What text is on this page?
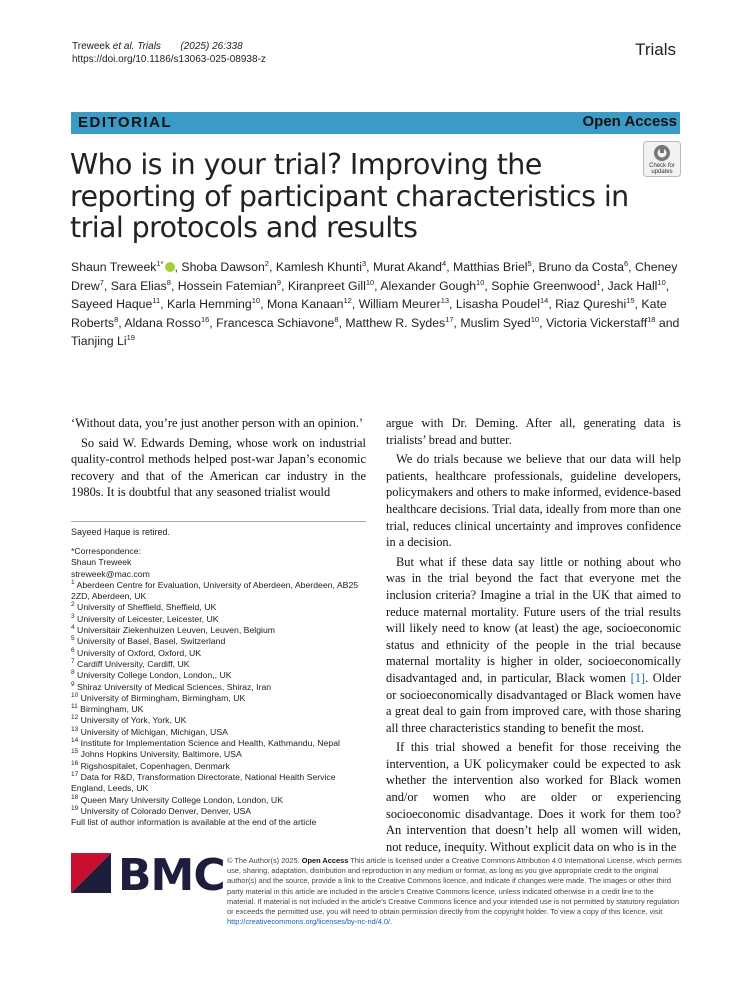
Treweek et al. Trials (2025) 26:338
https://doi.org/10.1186/s13063-025-08938-z
Trials
EDITORIAL	Open Access
Who is in your trial? Improving the reporting of participant characteristics in trial protocols and results
Check for
updates
Shaun Treweek$^{1*}$ , Shoba Dawson$^2$, Kamlesh Khunti$^3$, Murat Akand$^4$, Matthias Briel$^5$, Bruno da Costa$^6$, Cheney Drew$^7$, Sara Elias$^8$, Hossein Fatemian$^9$, Kiranpreet Gill$^{10}$, Alexander Gough$^{10}$, Sophie Greenwood$^1$, Jack Hall$^{10}$, Sayeed Haque$^{11}$, Karla Hemming$^{10}$, Mona Kanaan$^{12}$, William Meurer$^{13}$, Lisasha Poudel$^{14}$, Riaz Qureshi$^{15}$, Kate Roberts$^8$, Aldana Rosso$^{16}$, Francesca Schiavone$^8$, Matthew R. Sydes$^{17}$, Muslim Syed$^{10}$, Victoria Vickerstaff$^{18}$ and Tianjing Li$^{19}$

‘Without data, you’re just another person with an opinion.’

So said W. Edwards Deming, whose work on industrial quality-control methods helped post-war Japan’s economic recovery and that of the American car industry in the 1980s. It is doubtful that any seasoned trialist would

Sayeed Haque is retired.
*Correspondence:
Shaun Treweek
streweek@mac.com
$^1$ Aberdeen Centre for Evaluation, University of Aberdeen, Aberdeen, AB25 2ZD, Aberdeen, UK
$^2$ University of Sheffield, Sheffield, UK
$^3$ University of Leicester, Leicester, UK
$^4$ Universitair Ziekenhuizen Leuven, Leuven, Belgium
$^5$ University of Basel, Basel, Switzerland
$^6$ University of Oxford, Oxford, UK
$^7$ Cardiff University, Cardiff, UK
$^8$ University College London, London,, UK
$^9$ Shiraz University of Medical Sciences, Shiraz, Iran
$^{10}$ University of Birmingham, Birmingham, UK
$^{11}$ Birmingham, UK
$^{12}$ University of York, York, UK
$^{13}$ University of Michigan, Michigan, USA
$^{14}$ Institute for Implementation Science and Health, Kathmandu, Nepal
$^{15}$ Johns Hopkins University, Baltimore, USA
$^{16}$ Rigshospitalet, Copenhagen, Denmark
$^{17}$ Data for R&D, Transformation Directorate, National Health Service England, Leeds, UK
$^{18}$ Queen Mary University College London, London, UK
$^{19}$ University of Colorado Denver, Denver, USA
Full list of author information is available at the end of the article

argue with Dr. Deming. After all, generating data is trialists’ bread and butter.

We do trials because we believe that our data will help patients, healthcare professionals, guideline developers, policymakers and others to make informed, evidence-based healthcare decisions. Trial data, ideally from more than one trial, reduces clinical uncertainty and improves confidence in a decision.

But what if these data say little or nothing about who was in the trial beyond the fact that everyone met the inclusion criteria? Imagine a trial in the UK that aimed to reduce maternal mortality. Future users of the trial results will likely need to know (at least) the age, socioeconomic status and ethnicity of the people in the trial because maternal mortality is higher in older, socioeconomically disadvantaged and, in particular, Black women [1]. Older or socioeconomically disadvantaged or Black women have a great deal to gain from improved care, with those sharing all three characteristics standing to benefit the most.

If this trial showed a benefit for those receiving the intervention, a UK policymaker could be expected to ask whether the intervention also worked for Black women and/or women who are older or experiencing socioeconomic disadvantage. Does it work for them too? An intervention that doesn’t help all women will widen, not reduce, inequity. Without explicit data on who is in the

BMC © The Author(s) 2025. Open Access This article is licensed under a Creative Commons Attribution 4.0 International License, which permits use, sharing, adaptation, distribution and reproduction in any medium or format, as long as you give appropriate credit to the original author(s) and the source, provide a link to the Creative Commons licence, and indicate if changes were made. The images or other third party material in this article are included in the article’s Creative Commons licence, unless indicated otherwise in a credit line to the material. If material is not included in the article’s Creative Commons licence and your intended use is not permitted by statutory regulation or exceeds the permitted use, you will need to obtain permission directly from the copyright holder. To view a copy of this licence, visit http://creativecommons.org/licenses/by-nc-nd/4.0/.
